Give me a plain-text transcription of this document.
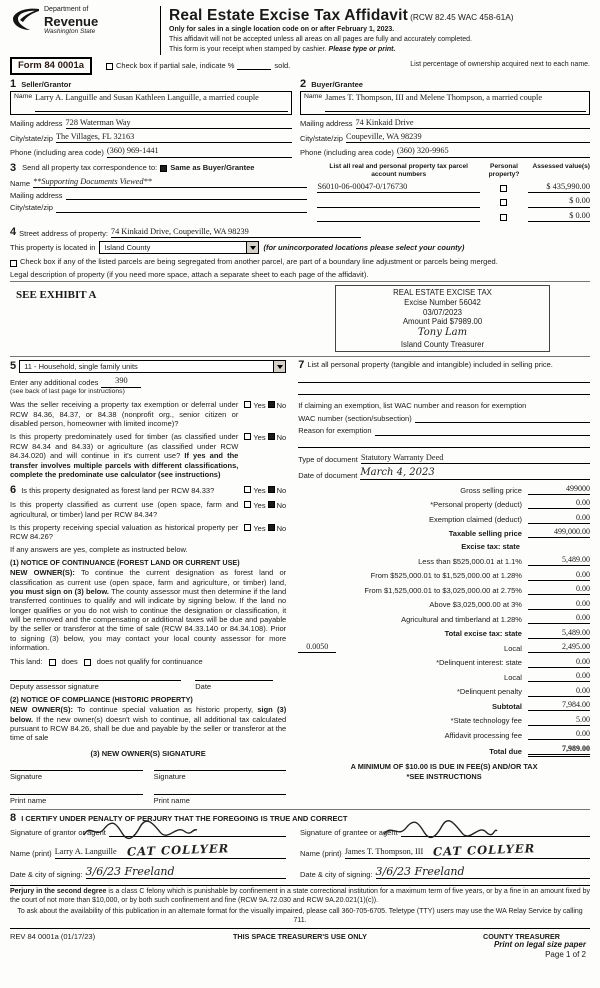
Department of
Revenue
Washington State
Real Estate Excise Tax Affidavit (RCW 82.45 WAC 458-61A)
Only for sales in a single location code on or after February 1, 2023.
This affidavit will not be accepted unless all areas on all pages are fully and accurately completed.
This form is your receipt when stamped by cashier. Please type or print.
Form 84 0001a	Check box if partial sale, indicate %	sold.	List percentage of ownership acquired next to each name.
1 Seller/Grantor
Name Larry A. Languille and Susan Kathleen Languille, a married couple
Mailing address 728 Waterman Way
City/state/zip The Villages, FL 32163
Phone (including area code) (360) 969-1441
2 Buyer/Grantee
Name James T. Thompson, III and Melene Thompson, a married couple
Mailing address 74 Kinkaid Drive
City/state/zip Coupeville, WA 98239
Phone (including area code) (360) 320-9965
3 Send all property tax correspondence to: Same as Buyer/Grantee
Name **Supporting Documents Viewed**
Mailing address
City/state/zip
List all real and personal property tax parcel account numbers
Personal property?
Assessed value(s)
S6010-06-00047-0/176730	$ 435,990.00
$ 0.00
$ 0.00
4 Street address of property: 74 Kinkaid Drive, Coupeville, WA 98239
This property is located in	Island County	(for unincorporated locations please select your county)
Check box if any of the listed parcels are being segregated from another parcel, are part of a boundary line adjustment or parcels being merged.
Legal description of property (if you need more space, attach a separate sheet to each page of the affidavit).
SEE EXHIBIT A	REAL ESTATE EXCISE TAX
Excise Number 56042
03/07/2023
Amount Paid $7989.00
Tony Lam
Island County Treasurer
5	11 - Household, single family units
Enter any additional codes	390
(see back of last page for instructions)
Was the seller receiving a property tax exemption or deferral under RCW 84.36, 84.37, or 84.38 (nonprofit org., senior citizen or disabled person, homeowner with limited income)?
Yes No
Is this property predominately used for timber (as classified under RCW 84.34 and 84.33) or agriculture (as classified under RCW 84.34.020) and will continue in it's current use? If yes and the transfer involves multiple parcels with different classifications, complete the predominate use calculator (see instructions)
Yes No
6 Is this property designated as forest land per RCW 84.33?	Yes No
Is this property classified as current use (open space, farm and agricultural, or timber) land per RCW 84.34?
Yes No
Is this property receiving special valuation as historical property per RCW 84.26?
Yes No
If any answers are yes, complete as instructed below.
(1) NOTICE OF CONTINUANCE (FOREST LAND OR CURRENT USE)
NEW OWNER(S): To continue the current designation as forest land or classification as current use (open space, farm and agriculture, or timber) land, you must sign on (3) below. The county assessor must then determine if the land transferred continues to qualify and will indicate by signing below. If the land no longer qualifies or you do not wish to continue the designation or classification, it will be removed and the compensating or additional taxes will be due and payable by the seller or transferor at the time of sale (RCW 84.33.140 or 84.34.108). Prior to signing (3) below, you may contact your local county assessor for more information.
This land:	does	does not qualify for continuance
Deputy assessor signature	Date
(2) NOTICE OF COMPLIANCE (HISTORIC PROPERTY)
NEW OWNER(S): To continue special valuation as historic property, sign (3) below. If the new owner(s) doesn't wish to continue, all additional tax calculated pursuant to RCW 84.26, shall be due and payable by the seller or transferor at the time of sale
(3) NEW OWNER(S) SIGNATURE
Signature	Signature
Print name	Print name
7 List all personal property (tangible and intangible) included in selling price.
If claiming an exemption, list WAC number and reason for exemption
WAC number (section/subsection)
Reason for exemption
Type of document Statutory Warranty Deed
Date of document March 4, 2023
Gross selling price	499000
*Personal property (deduct)	0.00
Exemption claimed (deduct)	0.00
Taxable selling price	499,000.00
Excise tax: state
Less than $525,000.01 at 1.1%	5,489.00
From $525,000.01 to $1,525,000.00 at 1.28%	0.00
From $1,525,000.01 to $3,025,000.00 at 2.75%	0.00
Above $3,025,000.00 at 3%	0.00
Agricultural and timberland at 1.28%	0.00
Total excise tax: state	5,489.00
0.0050	Local	2,495.00
*Delinquent interest: state	0.00
Local	0.00
*Delinquent penalty	0.00
Subtotal	7,984.00
*State technology fee	5.00
Affidavit processing fee	0.00
Total due	7,989.00
A MINIMUM OF $10.00 IS DUE IN FEE(S) AND/OR TAX
*SEE INSTRUCTIONS
8 I CERTIFY UNDER PENALTY OF PERJURY THAT THE FOREGOING IS TRUE AND CORRECT
Signature of grantor or agent
Name (print) Larry A. Languille CAT COLLYER
Date & city of signing: 3/6/23 Freeland
Signature of grantee or agent
Name (print) James T. Thompson, III CAT COLLYER
Date & city of signing: 3/6/23 Freeland
Perjury in the second degree is a class C felony which is punishable by confinement in a state correctional institution for a maximum term of five years, or by a fine in an amount fixed by the court of not more than $10,000, or by both such confinement and fine (RCW 9A.72.030 and RCW 9A.20.021(1)(c)).
To ask about the availability of this publication in an alternate format for the visually impaired, please call 360-705-6705. Teletype (TTY) users may use the WA Relay Service by calling 711.
REV 84 0001a (01/17/23)	THIS SPACE TREASURER'S USE ONLY	COUNTY TREASURER
Print on legal size paper
Page 1 of 2
